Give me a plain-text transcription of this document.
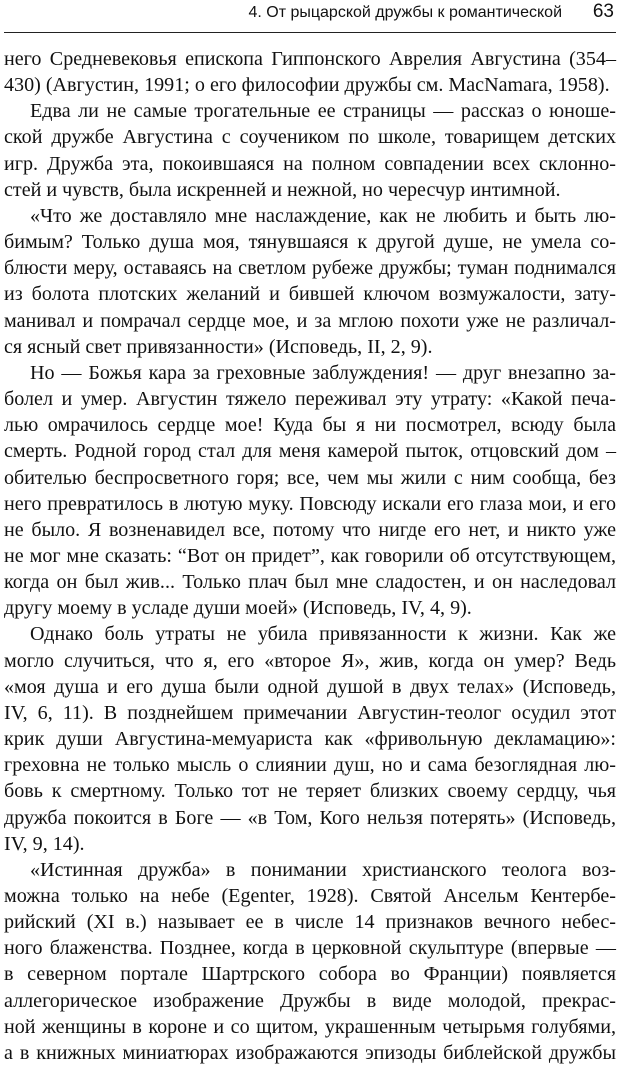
4. От рыцарской дружбы к романтической 63
него Средневековья епископа Гиппонского Аврелия Августина (354–
430) (Августин, 1991; о его философии дружбы см. MacNamara, 1958).
Едва ли не самые трогательные ее страницы — рассказ о юноше-
ской дружбе Августина с соучеником по школе, товарищем детских
игр. Дружба эта, покоившаяся на полном совпадении всех склонно-
стей и чувств, была искренней и нежной, но чересчур интимной.
«Что же доставляло мне наслаждение, как не любить и быть лю-
бимым? Только душа моя, тянувшаяся к другой душе, не умела со-
блюсти меру, оставаясь на светлом рубеже дружбы; туман поднимался
из болота плотских желаний и бившей ключом возмужалости, зату-
манивал и помрачал сердце мое, и за мглою похоти уже не различал-
ся ясный свет привязанности» (Исповедь, II, 2, 9).
Но — Божья кара за греховные заблуждения! — друг внезапно за-
болел и умер. Августин тяжело переживал эту утрату: «Какой печа-
лью омрачилось сердце мое! Куда бы я ни посмотрел, всюду была
смерть. Родной город стал для меня камерой пыток, отцовский дом –
обителью беспросветного горя; все, чем мы жили с ним сообща, без
него превратилось в лютую муку. Повсюду искали его глаза мои, и его
не было. Я возненавидел все, потому что нигде его нет, и никто уже
не мог мне сказать: “Вот он придет”, как говорили об отсутствующем,
когда он был жив... Только плач был мне сладостен, и он наследовал
другу моему в усладе души моей» (Исповедь, IV, 4, 9).
Однако боль утраты не убила привязанности к жизни. Как же
могло случиться, что я, его «второе Я», жив, когда он умер? Ведь
«моя душа и его душа были одной душой в двух телах» (Исповедь,
IV, 6, 11). В позднейшем примечании Августин-теолог осудил этот
крик души Августина-мемуариста как «фривольную декламацию»:
греховна не только мысль о слиянии душ, но и сама безоглядная лю-
бовь к смертному. Только тот не теряет близких своему сердцу, чья
дружба покоится в Боге — «в Том, Кого нельзя потерять» (Исповедь,
IV, 9, 14).
«Истинная дружба» в понимании христианского теолога воз-
можна только на небе (Egenter, 1928). Святой Ансельм Кентербе-
рийский (XI в.) называет ее в числе 14 признаков вечного небес-
ного блаженства. Позднее, когда в церковной скульптуре (впервые —
в северном портале Шартрского собора во Франции) появляется
аллегорическое изображение Дружбы в виде молодой, прекрас-
ной женщины в короне и со щитом, украшенным четырьмя голубями,
а в книжных миниатюрах изображаются эпизоды библейской дружбы
